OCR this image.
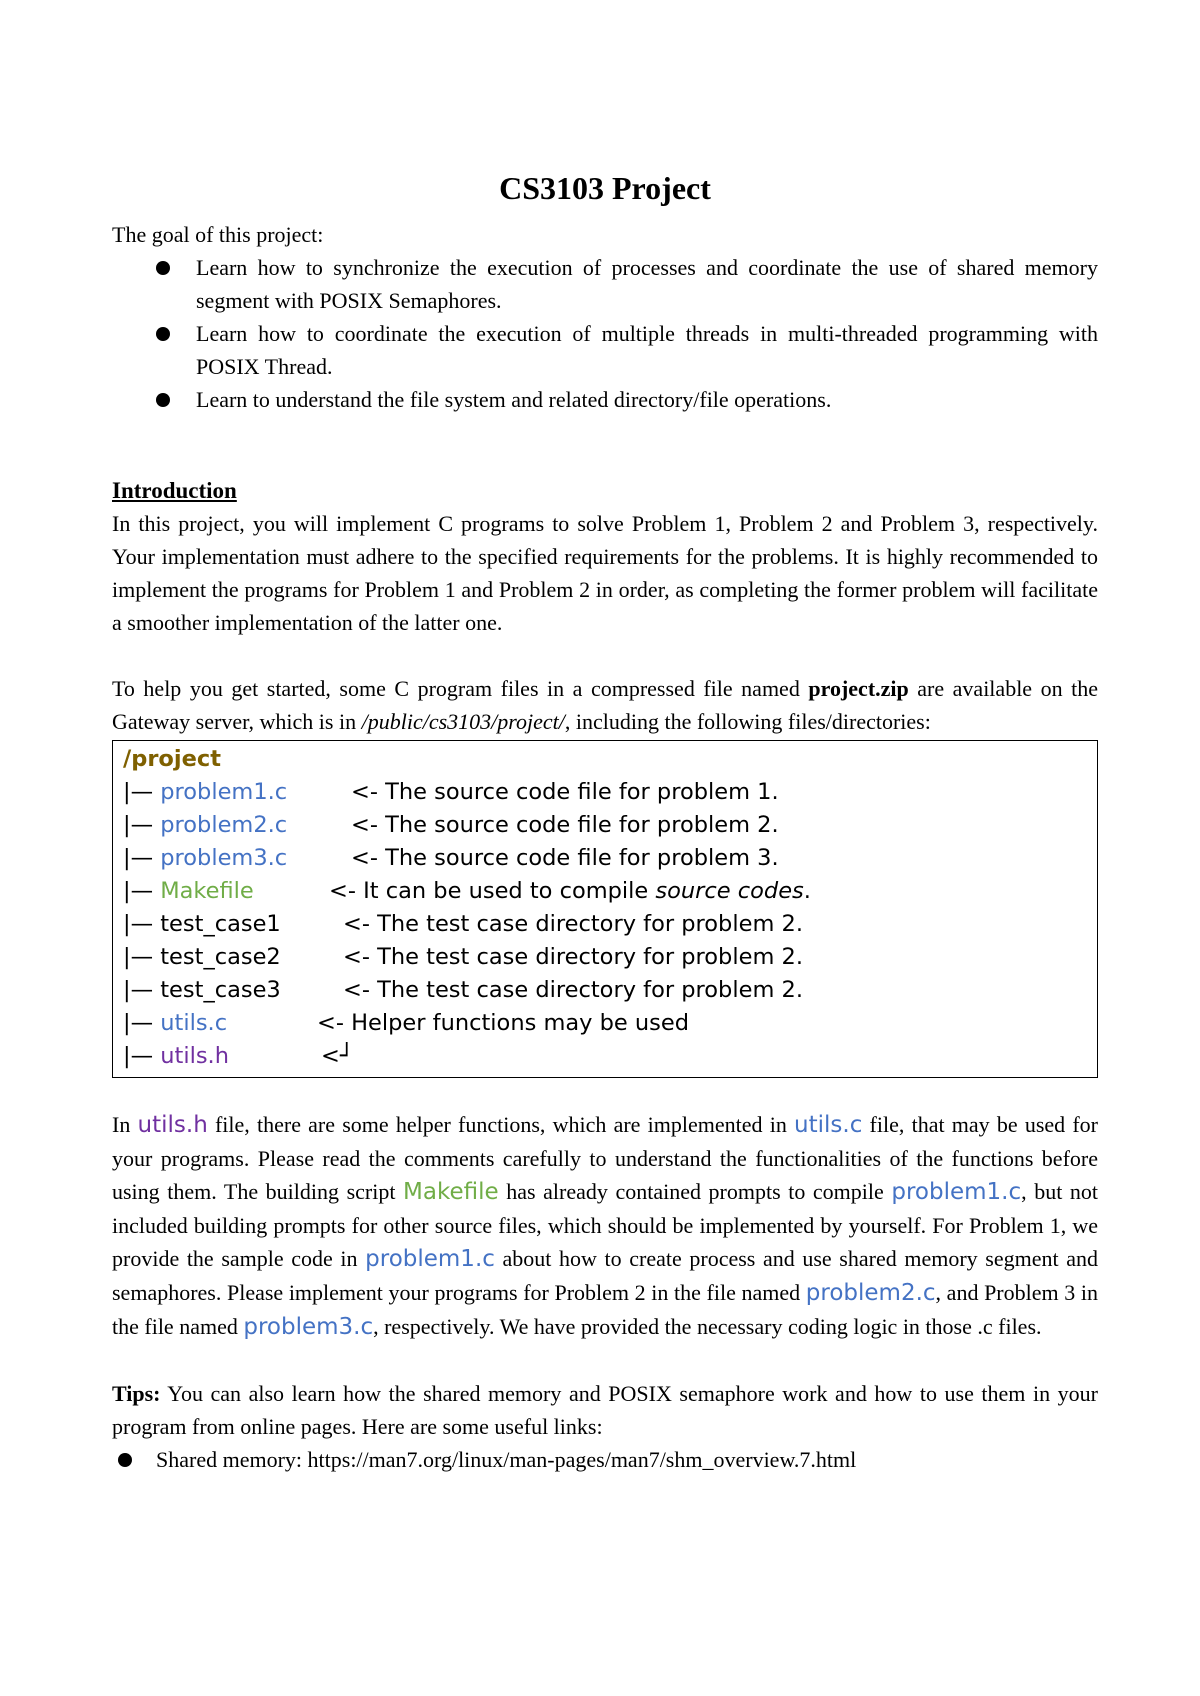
CS3103 Project

The goal of this project:

Learn how to synchronize the execution of processes and coordinate the use of shared memory segment with POSIX Semaphores.
Learn how to coordinate the execution of multiple threads in multi-threaded programming with POSIX Thread.
Learn to understand the file system and related directory/file operations.

Introduction

In this project, you will implement C programs to solve Problem 1, Problem 2 and Problem 3, respectively. Your implementation must adhere to the specified requirements for the problems. It is highly recommended to implement the programs for Problem 1 and Problem 2 in order, as completing the former problem will facilitate a smoother implementation of the latter one.

To help you get started, some C program files in a compressed file named project.zip are available on the Gateway server, which is in /public/cs3103/project/, including the following files/directories:

/project
|— problem1.c	<- The source code file for problem 1.
|— problem2.c	<- The source code file for problem 2.
|— problem3.c	<- The source code file for problem 3.
|— Makefile	<- It can be used to compile source codes.
|— test_case1	<- The test case directory for problem 2.
|— test_case2	<- The test case directory for problem 2.
|— test_case3	<- The test case directory for problem 2.
|— utils.c	<- Helper functions may be used
|— utils.h	<┘

In utils.h file, there are some helper functions, which are implemented in utils.c file, that may be used for your programs. Please read the comments carefully to understand the functionalities of the functions before using them. The building script Makefile has already contained prompts to compile problem1.c, but not included building prompts for other source files, which should be implemented by yourself. For Problem 1, we provide the sample code in problem1.c about how to create process and use shared memory segment and semaphores. Please implement your programs for Problem 2 in the file named problem2.c, and Problem 3 in the file named problem3.c, respectively. We have provided the necessary coding logic in those .c files.

Tips: You can also learn how the shared memory and POSIX semaphore work and how to use them in your program from online pages. Here are some useful links:

Shared memory: https://man7.org/linux/man-pages/man7/shm_overview.7.html
